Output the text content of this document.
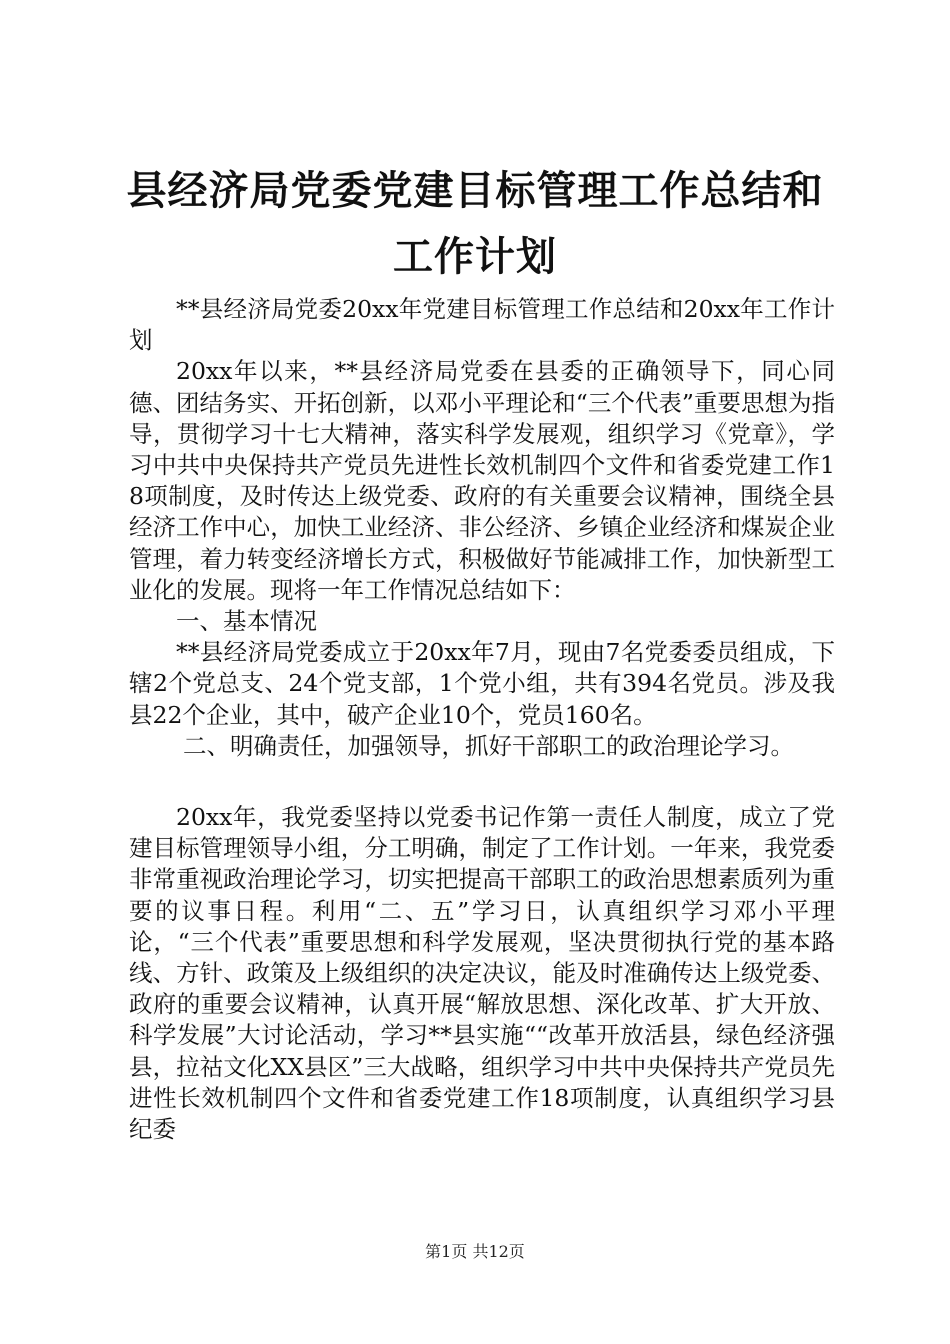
县经济局党委党建目标管理工作总结和工作计划

**县经济局党委20xx年党建目标管理工作总结和20xx年工作计划

20xx年以来，**县经济局党委在县委的正确领导下，同心同德、团结务实、开拓创新，以邓小平理论和“三个代表”重要思想为指导，贯彻学习十七大精神，落实科学发展观，组织学习《党章》，学习中共中央保持共产党员先进性长效机制四个文件和省委党建工作18项制度，及时传达上级党委、政府的有关重要会议精神，围绕全县经济工作中心，加快工业经济、非公经济、乡镇企业经济和煤炭企业管理，着力转变经济增长方式，积极做好节能减排工作，加快新型工业化的发展。现将一年工作情况总结如下：

一、基本情况

**县经济局党委成立于20xx年7月，现由7名党委委员组成，下辖2个党总支、24个党支部，1个党小组，共有394名党员。涉及我县22个企业，其中，破产企业10个，党员160名。

二、明确责任，加强领导，抓好干部职工的政治理论学习。

20xx年，我党委坚持以党委书记作第一责任人制度，成立了党建目标管理领导小组，分工明确，制定了工作计划。一年来，我党委非常重视政治理论学习，切实把提高干部职工的政治思想素质列为重要的议事日程。利用“二、五”学习日，认真组织学习邓小平理论，“三个代表”重要思想和科学发展观，坚决贯彻执行党的基本路线、方针、政策及上级组织的决定决议，能及时准确传达上级党委、政府的重要会议精神，认真开展“解放思想、深化改革、扩大开放、科学发展”大讨论活动，学习**县实施““改革开放活县，绿色经济强县，拉祜文化XX县区”三大战略，组织学习中共中央保持共产党员先进性长效机制四个文件和省委党建工作18项制度，认真组织学习县纪委

第1页 共12页
